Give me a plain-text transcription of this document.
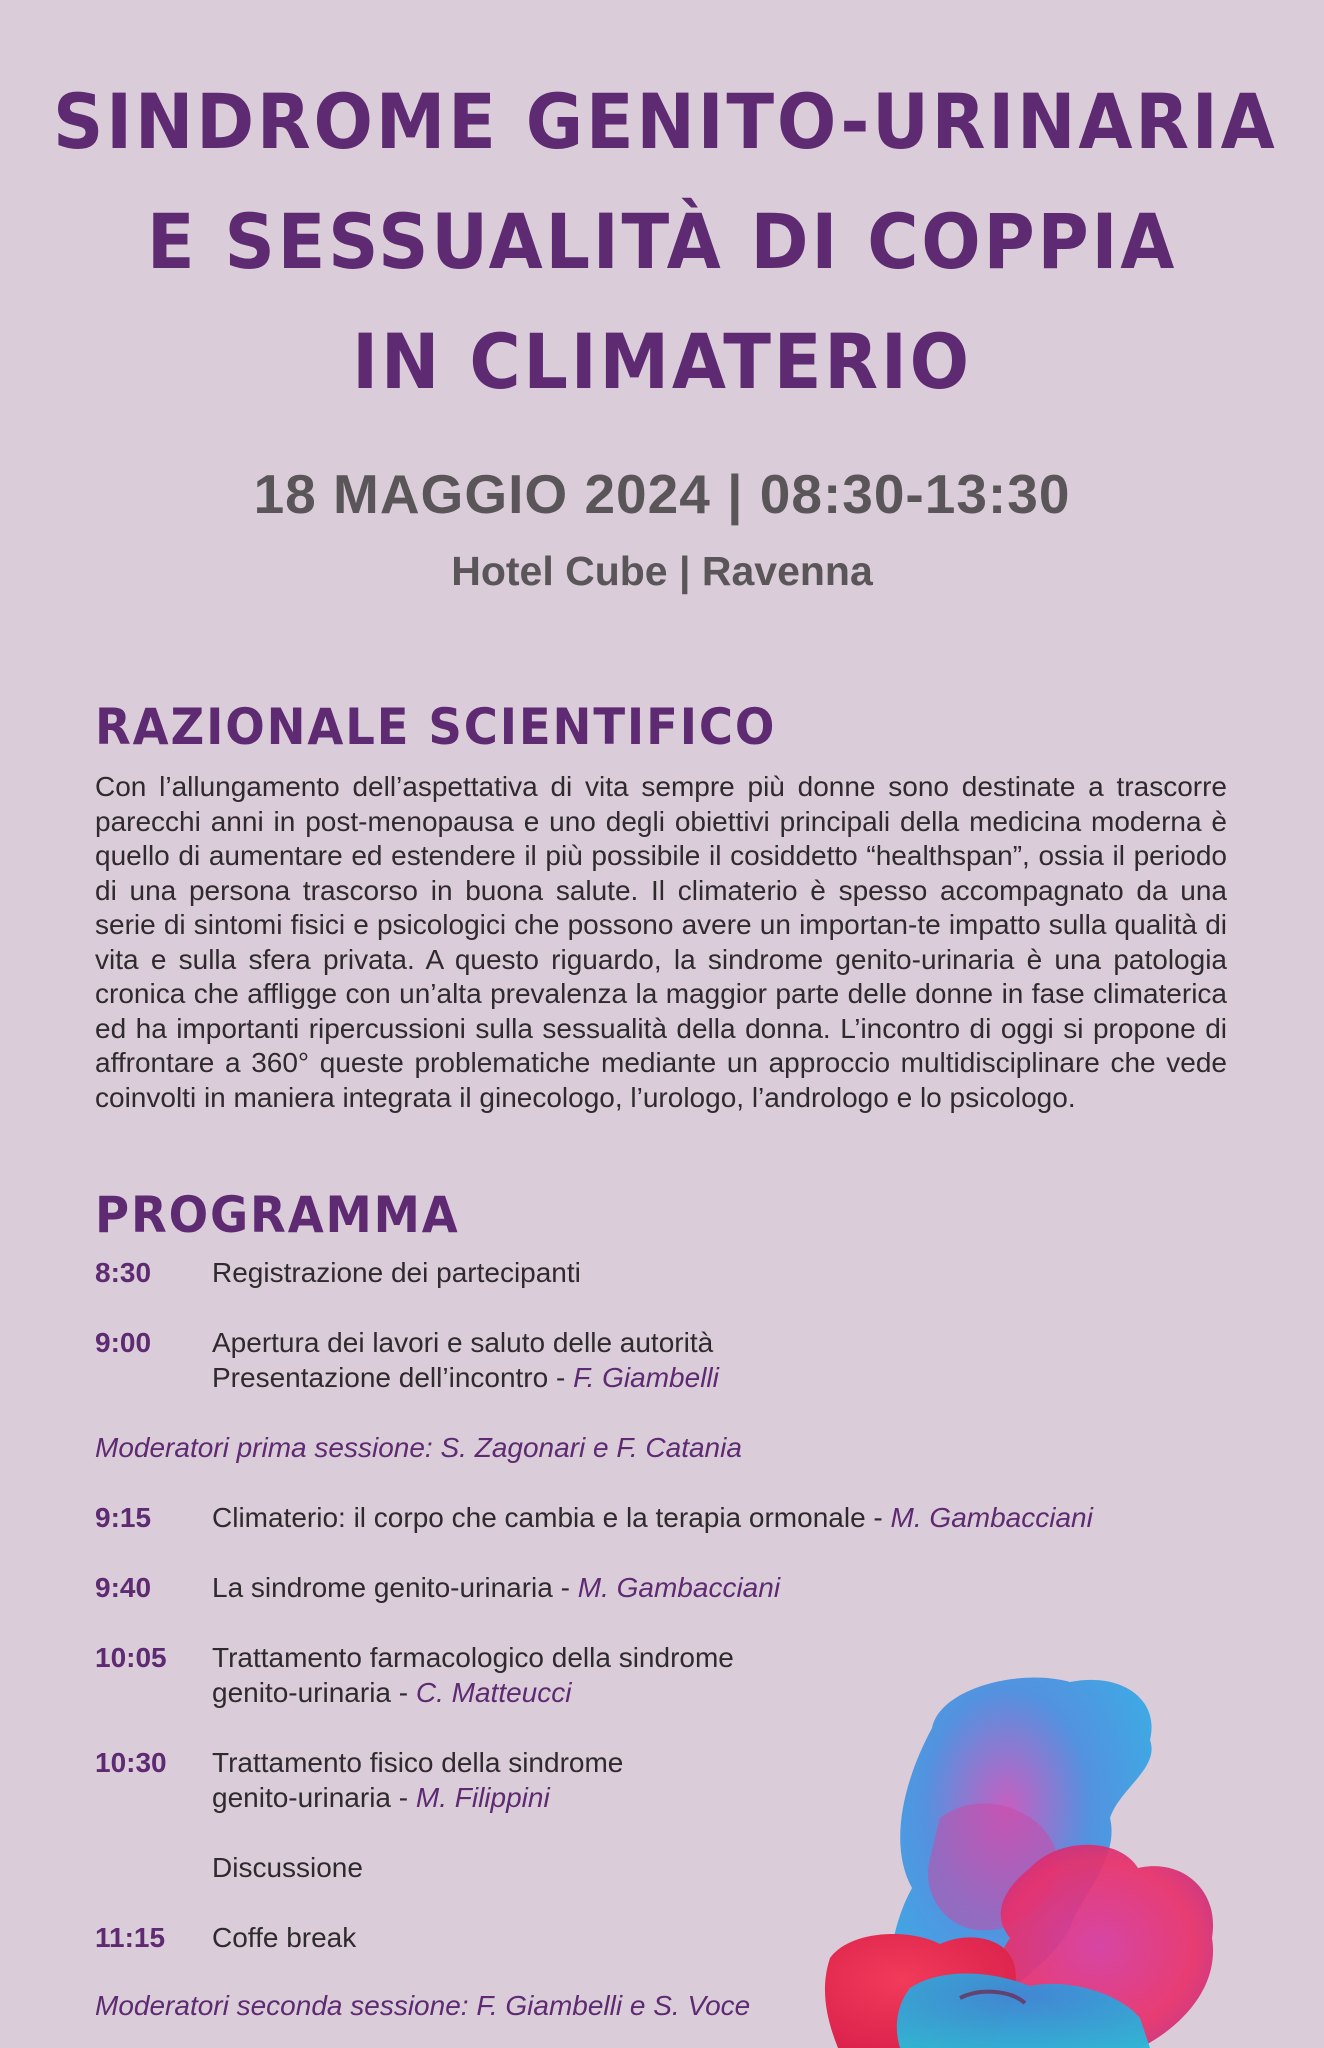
SINDROME GENITO-URINARIA
E SESSUALITÀ DI COPPIA
IN CLIMATERIO

18 MAGGIO 2024 | 08:30-13:30

Hotel Cube | Ravenna

RAZIONALE SCIENTIFICO

Con l’allungamento dell’aspettativa di vita sempre più donne sono destinate a trascorre parecchi anni in post-menopausa e uno degli obiettivi principali della medicina moderna è quello di aumentare ed estendere il più possibile il cosiddetto “healthspan”, ossia il periodo di una persona trascorso in buona salute. Il climaterio è spesso accompagnato da una serie di sintomi fisici e psicologici che possono avere un importan-te impatto sulla qualità di vita e sulla sfera privata. A questo riguardo, la sindrome genito-urinaria è una patologia cronica che affligge con un’alta prevalenza la maggior parte delle donne in fase climaterica ed ha importanti ripercussioni sulla sessualità della donna. L’incontro di oggi si propone di affrontare a 360° queste problematiche mediante un approccio multidisciplinare che vede coinvolti in maniera integrata il ginecologo, l’urologo, l’andrologo e lo psicologo.

PROGRAMMA
8:30	Registrazione dei partecipanti
9:00	Apertura dei lavori e saluto delle autorità
Presentazione dell’incontro - F. Giambelli
Moderatori prima sessione: S. Zagonari e F. Catania
9:15	Climaterio: il corpo che cambia e la terapia ormonale - M. Gambacciani
9:40	La sindrome genito-urinaria - M. Gambacciani
10:05	Trattamento farmacologico della sindrome
genito-urinaria - C. Matteucci
10:30	Trattamento fisico della sindrome
genito-urinaria - M. Filippini
Discussione
11:15	Coffe break
Moderatori seconda sessione: F. Giambelli e S. Voce
